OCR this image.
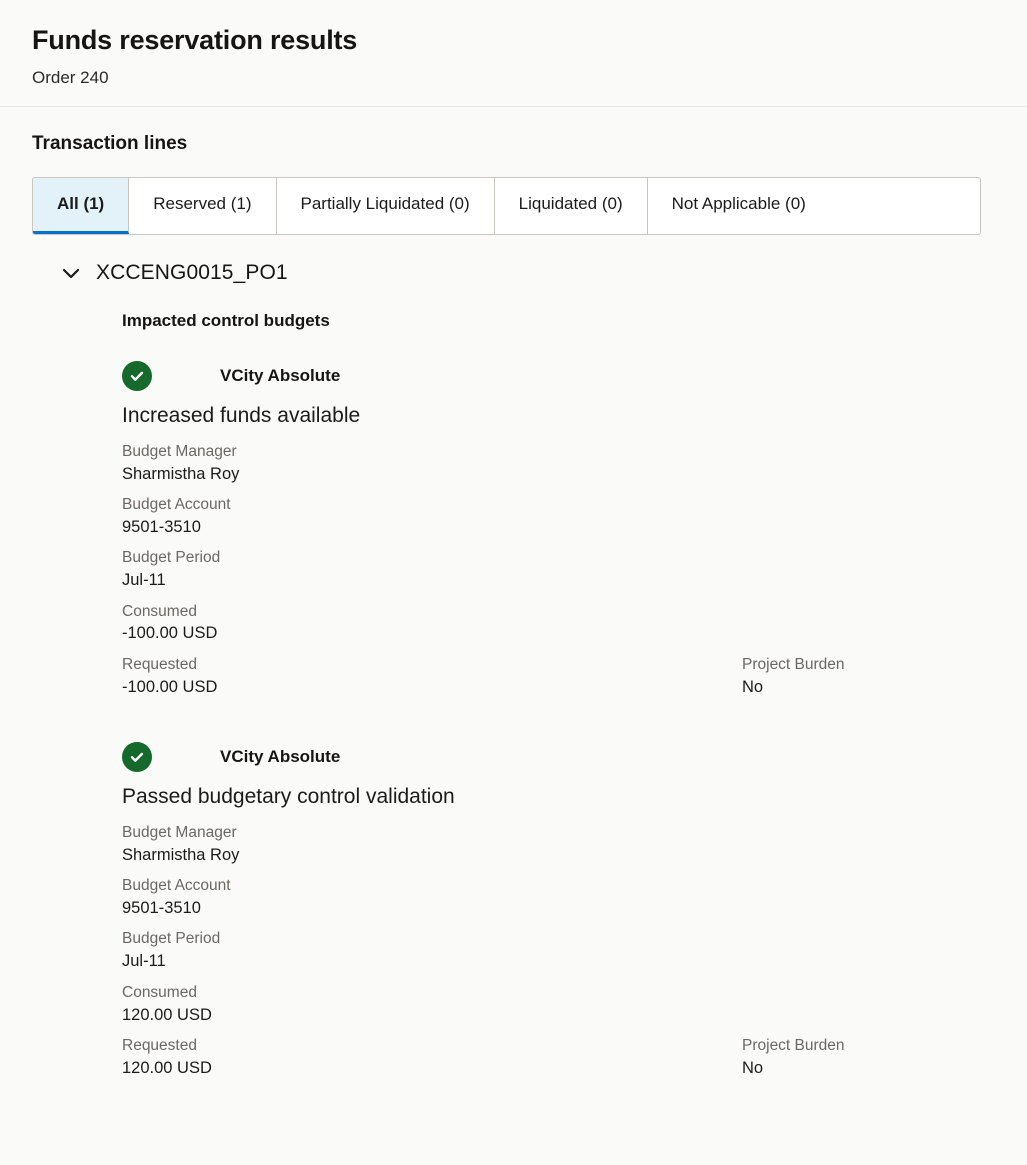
Funds reservation results
Order 240
Transaction lines
All (1)	Reserved (1)	Partially Liquidated (0)	Liquidated (0)	Not Applicable (0)
XCCENG0015_PO1
Impacted control budgets
VCity Absolute
Increased funds available
Budget Manager
Sharmistha Roy
Budget Account
9501-3510
Budget Period
Jul-11
Consumed
-100.00 USD
Requested
-100.00 USD
Project Burden
No
VCity Absolute
Passed budgetary control validation
Budget Manager
Sharmistha Roy
Budget Account
9501-3510
Budget Period
Jul-11
Consumed
120.00 USD
Requested
120.00 USD
Project Burden
No
